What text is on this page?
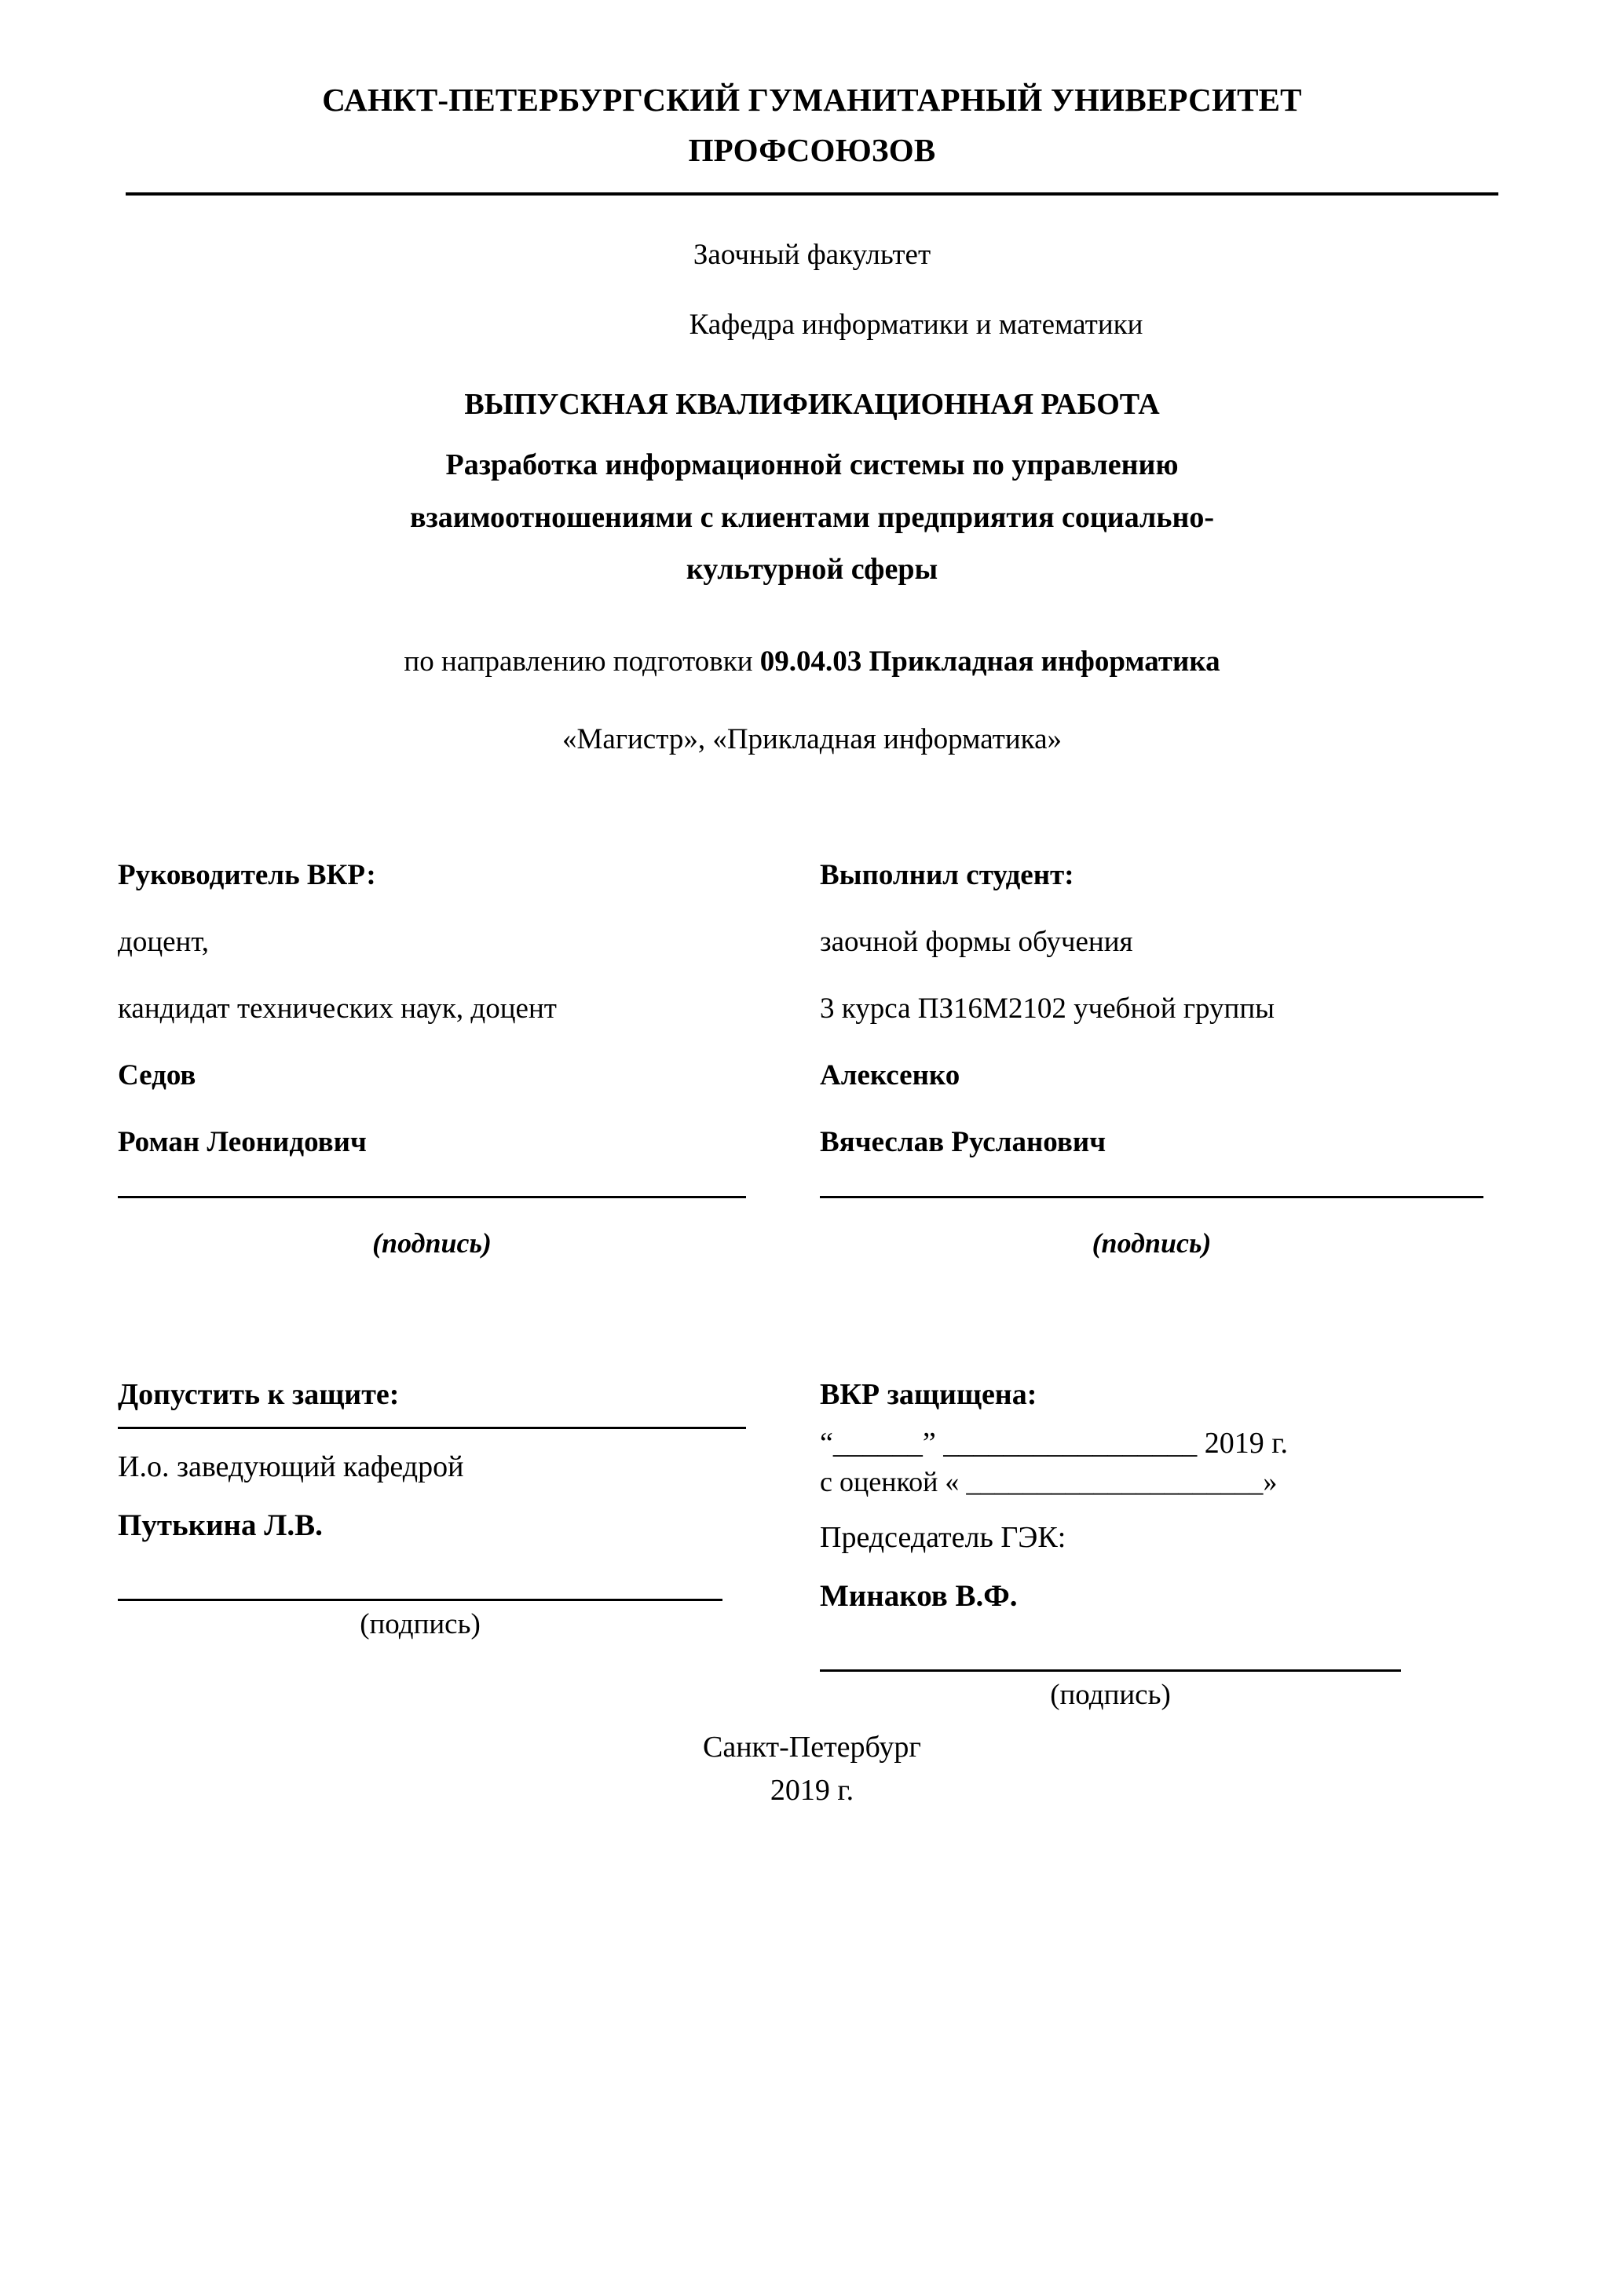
САНКТ-ПЕТЕРБУРГСКИЙ ГУМАНИТАРНЫЙ УНИВЕРСИТЕТ
ПРОФСОЮЗОВ
Заочный факультет
Кафедра информатики и математики
ВЫПУСКНАЯ КВАЛИФИКАЦИОННАЯ РАБОТА
Разработка информационной системы по управлению
взаимоотношениями с клиентами предприятия социально-
культурной сферы
по направлению подготовки 09.04.03 Прикладная информатика
«Магистр», «Прикладная информатика»
Руководитель ВКР:
доцент,
кандидат технических наук, доцент
Седов
Роман Леонидович
(подпись)
Выполнил студент:
заочной формы обучения
3 курса ПЗ16М2102 учебной группы
Алексенко
Вячеслав Русланович
(подпись)
Допустить к защите:
И.о. заведующий кафедрой
Путькина Л.В.
(подпись)
ВКР защищена:
“______” _________________ 2019 г.
с оценкой « _____________________»
Председатель ГЭК:
Минаков В.Ф.
(подпись)
Санкт-Петербург
2019 г.
